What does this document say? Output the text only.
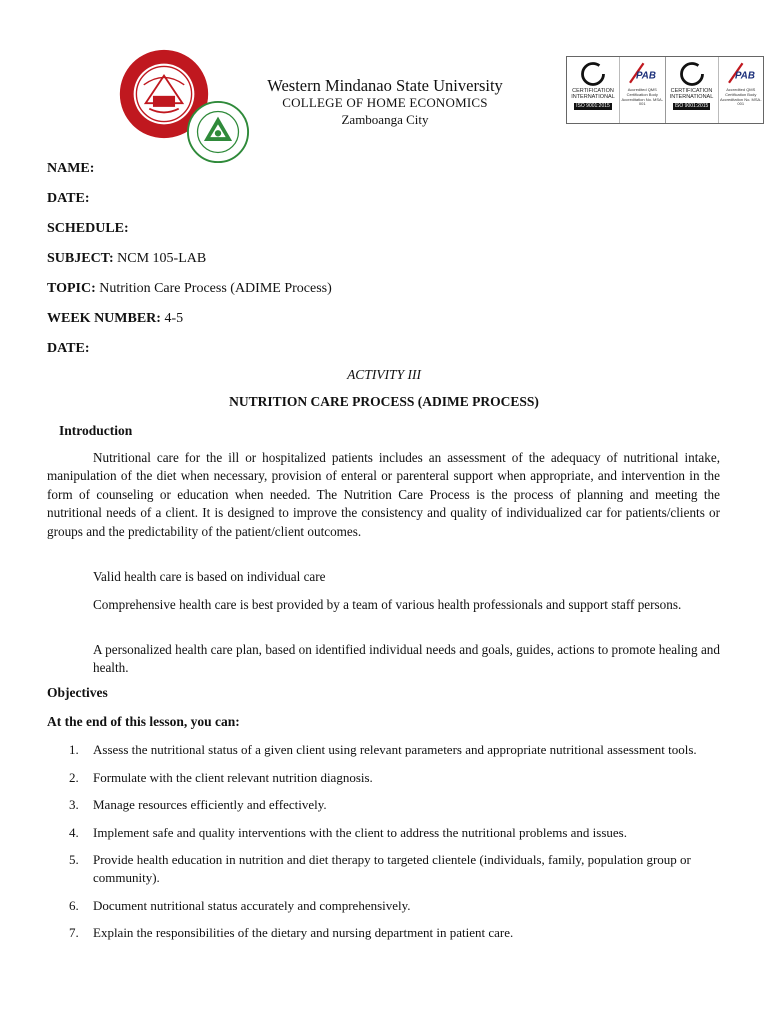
Western Mindanao State University
COLLEGE OF HOME ECONOMICS
Zamboanga City
CERTIFICATION INTERNATIONAL
ISO 9001:2015
PAB
Accredited QMS Certification Body Accreditation No. MSA-001
CERTIFICATION INTERNATIONAL
ISO 9001:2015
PAB
Accredited QMS Certification Body Accreditation No. MSA-001
NAME:
DATE:
SCHEDULE:
SUBJECT: NCM 105-LAB
TOPIC: Nutrition Care Process (ADIME Process)
WEEK NUMBER: 4-5
DATE:
ACTIVITY III
NUTRITION CARE PROCESS (ADIME PROCESS)
Introduction
Nutritional care for the ill or hospitalized patients includes an assessment of the adequacy of nutritional intake, manipulation of the diet when necessary, provision of enteral or parenteral support when appropriate, and intervention in the form of counseling or education when needed. The Nutrition Care Process is the process of planning and meeting the nutritional needs of a client. It is designed to improve the consistency and quality of individualized car for patients/clients or groups and the predictability of the patient/client outcomes.
Valid health care is based on individual care
Comprehensive health care is best provided by a team of various health professionals and support staff persons.
A personalized health care plan, based on identified individual needs and goals, guides, actions to promote healing and health.
Objectives
At the end of this lesson, you can:
1.	Assess the nutritional status of a given client using relevant parameters and appropriate nutritional assessment tools.
2.	Formulate with the client relevant nutrition diagnosis.
3.	Manage resources efficiently and effectively.
4.	Implement safe and quality interventions with the client to address the nutritional problems and issues.
5.	Provide health education in nutrition and diet therapy to targeted clientele (individuals, family, population group or community).
6.	Document nutritional status accurately and comprehensively.
7.	Explain the responsibilities of the dietary and nursing department in patient care.
